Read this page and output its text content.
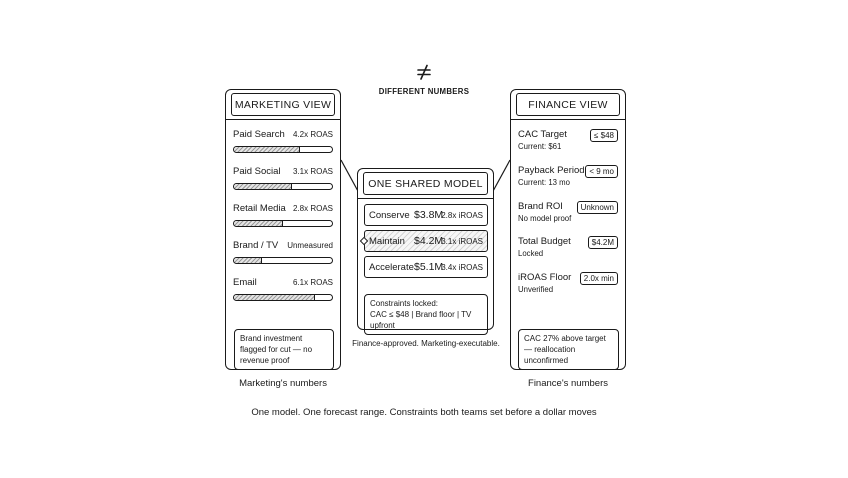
DIFFERENT NUMBERS
MARKETING VIEW
Paid Search 4.2x ROAS
Paid Social 3.1x ROAS
Retail Media 2.8x ROAS
Brand / TV Unmeasured
Email	6.1x ROAS
Brand investment flagged for cut — no revenue proof
ONE SHARED MODEL
Conserve $3.8M
2.8x iROAS
Maintain $4.2M
3.1x iROAS
Accelerate $5.1M
3.4x iROAS
Constraints locked:
CAC ≤ $48 | Brand floor | TV upfront
Finance-approved. Marketing-executable.
FINANCE VIEW
CAC Target
Current: $61
≤ $48
Payback Period
Current: 13 mo
< 9 mo
Brand ROI
No model proof
Unknown
Total Budget
Locked
$4.2M
iROAS Floor
Unverified
2.0x min
CAC 27% above target — reallocation unconfirmed
Marketing's numbers	Finance's numbers
One model. One forecast range. Constraints both teams set before a dollar moves
